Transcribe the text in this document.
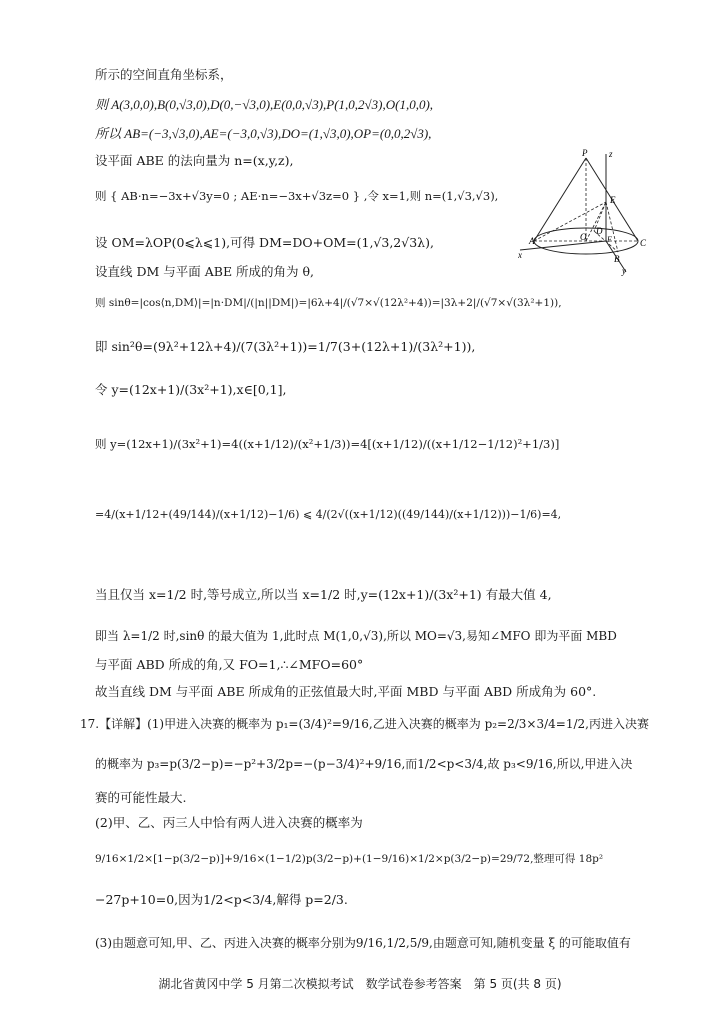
所示的空间直角坐标系，
则 A(3,0,0),B(0,√3,0),D(0,−√3,0),E(0,0,√3),P(1,0,2√3),O(1,0,0),
所以 AB=(−3,√3,0),AE=(−3,0,√3),DO=(1,√3,0),OP=(0,0,2√3),
设平面 ABE 的法向量为 n=(x,y,z),
则 { AB·n=−3x+√3y=0 ; AE·n=−3x+√3z=0 } ,令 x=1,则 n=(1,√3,√3),
设 OM=λOP(0⩽λ⩽1),可得 DM=DO+OM=(1,√3,2√3λ),
设直线 DM 与平面 ABE 所成的角为 θ,
则 sinθ=|cos⟨n,DM⟩|=|n·DM|/(|n||DM|)=|6λ+4|/(√7×√(12λ²+4))=|3λ+2|/(√7×√(3λ²+1)),
即 sin²θ=(9λ²+12λ+4)/(7(3λ²+1))=1/7(3+(12λ+1)/(3λ²+1)),
令 y=(12x+1)/(3x²+1),x∈[0,1],
则 y=(12x+1)/(3x²+1)=4((x+1/12)/(x²+1/3))=4[(x+1/12)/((x+1/12−1/12)²+1/3)]
=4/(x+1/12+(49/144)/(x+1/12)−1/6) ⩽ 4/(2√((x+1/12)((49/144)/(x+1/12)))−1/6)=4,
当且仅当 x=1/2 时,等号成立,所以当 x=1/2 时,y=(12x+1)/(3x²+1) 有最大值 4,
即当 λ=1/2 时,sinθ 的最大值为 1,此时点 M(1,0,√3),所以 MO=√3,易知∠MFO 即为平面 MBD
与平面 ABD 所成的角,又 FO=1,∴∠MFO=60°
故当直线 DM 与平面 ABE 所成角的正弦值最大时,平面 MBD 与平面 ABD 所成角为 60°.
17.【详解】(1)甲进入决赛的概率为 p₁=(3/4)²=9/16,乙进入决赛的概率为 p₂=2/3×3/4=1/2,丙进入决赛
的概率为 p₃=p(3/2−p)=−p²+3/2p=−(p−3/4)²+9/16,而1/2<p<3/4,故 p₃<9/16,所以,甲进入决
赛的可能性最大.
(2)甲、乙、丙三人中恰有两人进入决赛的概率为
9/16×1/2×[1−p(3/2−p)]+9/16×(1−1/2)p(3/2−p)+(1−9/16)×1/2×p(3/2−p)=29/72,整理可得 18p²
−27p+10=0,因为1/2<p<3/4,解得 p=2/3.
(3)由题意可知,甲、乙、丙进入决赛的概率分别为9/16,1/2,5/9,由题意可知,随机变量 ξ 的可能取值有
P z
E
A	O
D
C
B
F
x
y
湖北省黄冈中学 5 月第二次模拟考试　数学试卷参考答案　第 5 页(共 8 页)
